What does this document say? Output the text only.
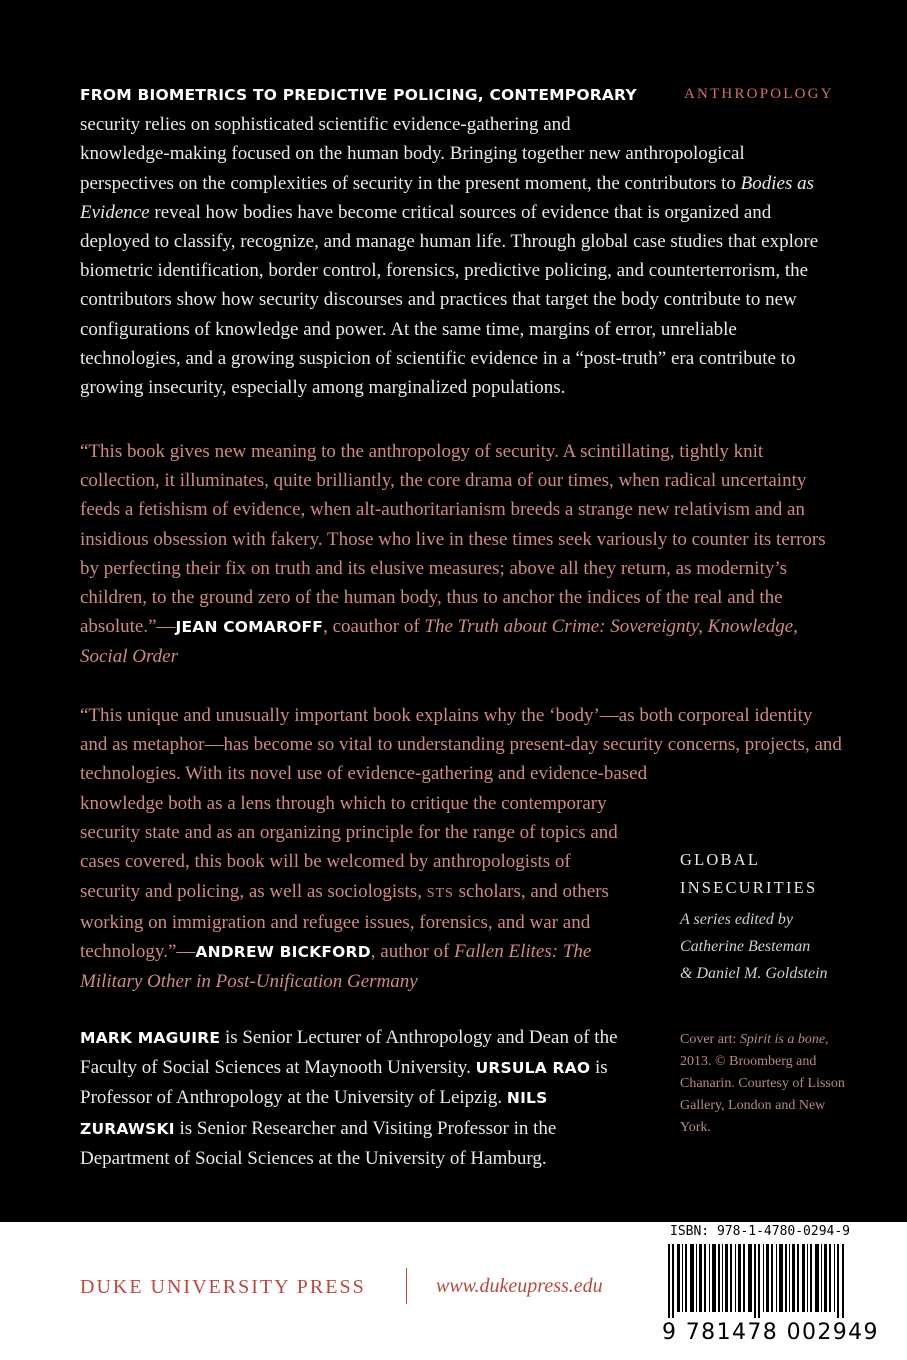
ANTHROPOLOGY

FROM BIOMETRICS TO PREDICTIVE POLICING, CONTEMPORARY

security relies on sophisticated scientific evidence-gathering and

knowledge-making focused on the human body. Bringing together new anthropological perspectives on the complexities of security in the present moment, the contributors to Bodies as Evidence reveal how bodies have become critical sources of evidence that is organized and deployed to classify, recognize, and manage human life. Through global case studies that explore biometric identification, border control, forensics, predictive policing, and counterterrorism, the contributors show how security discourses and practices that target the body contribute to new configurations of knowledge and power. At the same time, margins of error, unreliable technologies, and a growing suspicion of scientific evidence in a “post-truth” era contribute to growing insecurity, especially among marginalized populations.

“This book gives new meaning to the anthropology of security. A scintillating, tightly knit collection, it illuminates, quite brilliantly, the core drama of our times, when radical uncertainty feeds a fetishism of evidence, when alt-authoritarianism breeds a strange new relativism and an insidious obsession with fakery. Those who live in these times seek variously to counter its terrors by perfecting their fix on truth and its elusive measures; above all they return, as modernity’s children, to the ground zero of the human body, thus to anchor the indices of the real and the absolute.”—JEAN COMAROFF, coauthor of The Truth about Crime: Sovereignty, Knowledge, Social Order

“This unique and unusually important book explains why the ‘body’—as both corporeal identity and as metaphor—has become so vital to understanding present-day security concerns, projects, and technologies. With its novel use of evidence-gathering and evidence-based

knowledge both as a lens through which to critique the contemporary security state and as an organizing principle for the range of topics and cases covered, this book will be welcomed by anthropologists of security and policing, as well as sociologists, STS scholars, and others working on immigration and refugee issues, forensics, and war and technology.”—ANDREW BICKFORD, author of Fallen Elites: The Military Other in Post-Unification Germany

GLOBAL
INSECURITIES
A series edited by
Catherine Besteman
& Daniel M. Goldstein

MARK MAGUIRE is Senior Lecturer of Anthropology and Dean of the Faculty of Social Sciences at Maynooth University. URSULA RAO is Professor of Anthropology at the University of Leipzig. NILS ZURAWSKI is Senior Researcher and Visiting Professor in the Department of Social Sciences at the University of Hamburg.

Cover art: Spirit is a bone, 2013. © Broomberg and Chanarin. Courtesy of Lisson Gallery, London and New York.
DUKE UNIVERSITY PRESS	www.dukeupress.edu
ISBN: 978-1-4780-0294-9
9 781478 002949
